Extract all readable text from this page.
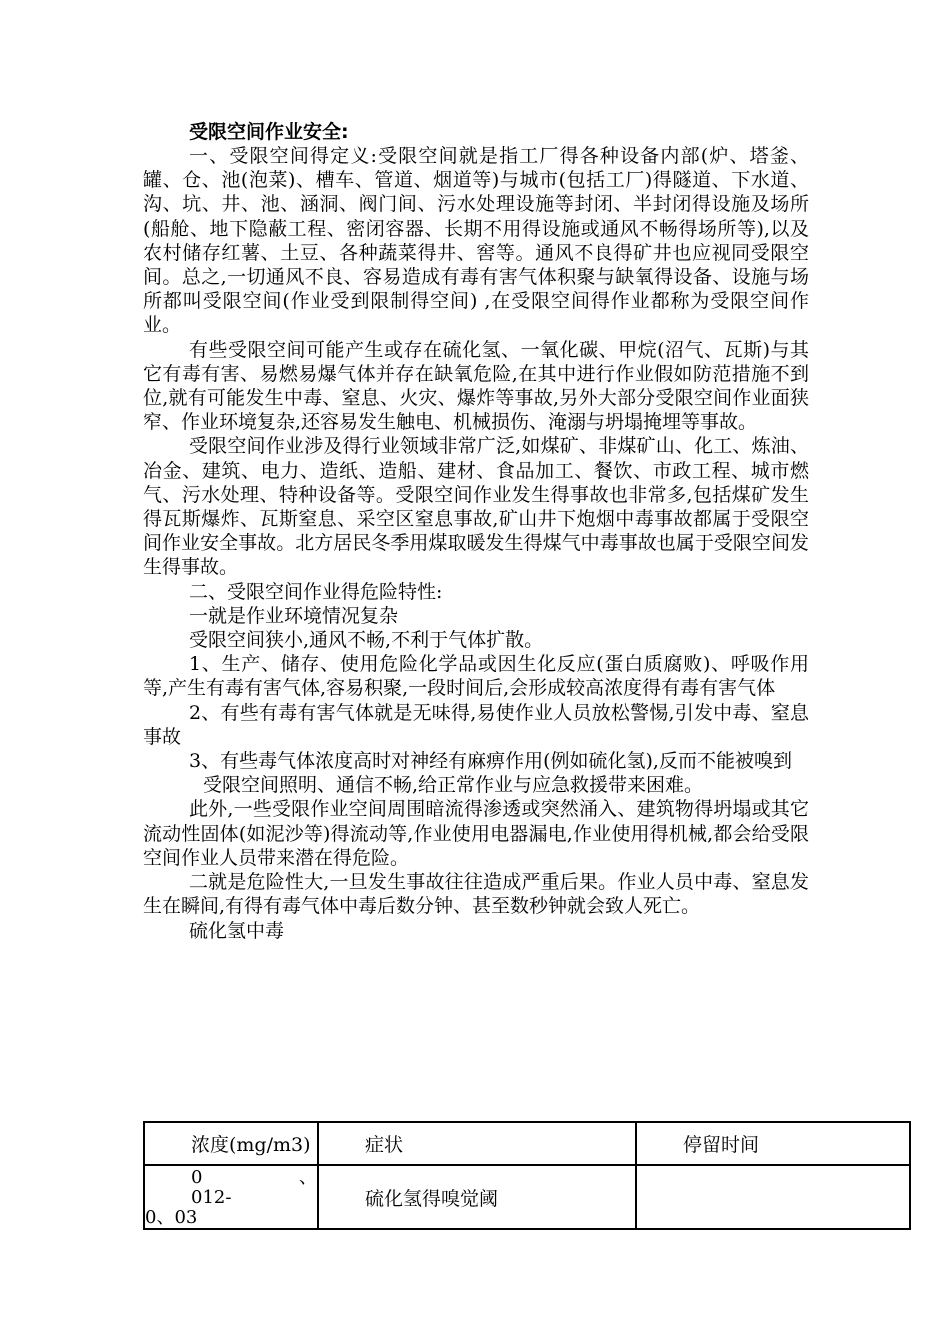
受限空间作业安全:

一、受限空间得定义:受限空间就是指工厂得各种设备内部(炉、塔釜、罐、仓、池(泡菜)、槽车、管道、烟道等)与城市(包括工厂)得隧道、下水道、沟、坑、井、池、涵洞、阀门间、污水处理设施等封闭、半封闭得设施及场所(船舱、地下隐蔽工程、密闭容器、长期不用得设施或通风不畅得场所等),以及农村储存红薯、土豆、各种蔬菜得井、窖等。通风不良得矿井也应视同受限空间。总之,一切通风不良、容易造成有毒有害气体积聚与缺氧得设备、设施与场所都叫受限空间(作业受到限制得空间) ,在受限空间得作业都称为受限空间作业。

有些受限空间可能产生或存在硫化氢、一氧化碳、甲烷(沼气、瓦斯)与其它有毒有害、易燃易爆气体并存在缺氧危险,在其中进行作业假如防范措施不到位,就有可能发生中毒、窒息、火灾、爆炸等事故,另外大部分受限空间作业面狭窄、作业环境复杂,还容易发生触电、机械损伤、淹溺与坍塌掩埋等事故。

受限空间作业涉及得行业领域非常广泛,如煤矿、非煤矿山、化工、炼油、冶金、建筑、电力、造纸、造船、建材、食品加工、餐饮、市政工程、城市燃气、污水处理、特种设备等。受限空间作业发生得事故也非常多,包括煤矿发生得瓦斯爆炸、瓦斯窒息、采空区窒息事故,矿山井下炮烟中毒事故都属于受限空间作业安全事故。北方居民冬季用煤取暖发生得煤气中毒事故也属于受限空间发生得事故。

二、受限空间作业得危险特性:

一就是作业环境情况复杂

受限空间狭小,通风不畅,不利于气体扩散。

1、生产、储存、使用危险化学品或因生化反应(蛋白质腐败)、呼吸作用等,产生有毒有害气体,容易积聚,一段时间后,会形成较高浓度得有毒有害气体

2、有些有毒有害气体就是无味得,易使作业人员放松警惕,引发中毒、窒息事故

3、有些毒气体浓度高时对神经有麻痹作用(例如硫化氢),反而不能被嗅到

受限空间照明、通信不畅,给正常作业与应急救援带来困难。

此外,一些受限作业空间周围暗流得渗透或突然涌入、建筑物得坍塌或其它流动性固体(如泥沙等)得流动等,作业使用电器漏电,作业使用得机械,都会给受限空间作业人员带来潜在得危险。

二就是危险性大,一旦发生事故往往造成严重后果。作业人员中毒、窒息发生在瞬间,有得有毒气体中毒后数分钟、甚至数秒钟就会致人死亡。

硫化氢中毒
浓度(mg/m3)	症状	停留时间

0 、 012-
0、03	硫化氢得嗅觉阈	
